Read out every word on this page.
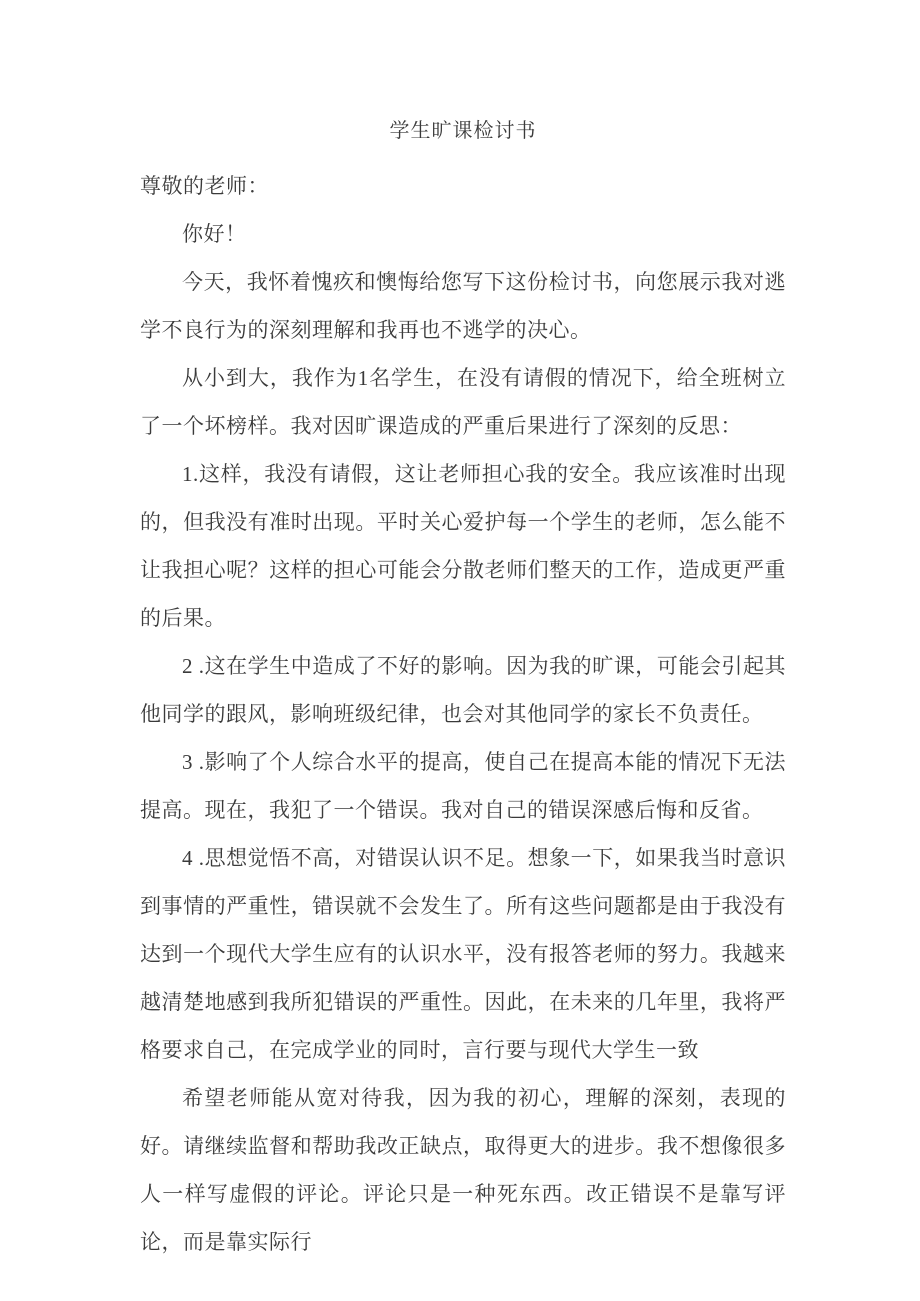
学生旷课检讨书

尊敬的老师：

你好！

今天，我怀着愧疚和懊悔给您写下这份检讨书，向您展示我对逃学不良行为的深刻理解和我再也不逃学的决心。

从小到大，我作为1名学生，在没有请假的情况下，给全班树立了一个坏榜样。我对因旷课造成的严重后果进行了深刻的反思：

1.这样，我没有请假，这让老师担心我的安全。我应该准时出现的，但我没有准时出现。平时关心爱护每一个学生的老师，怎么能不让我担心呢？这样的担心可能会分散老师们整天的工作，造成更严重的后果。

2 .这在学生中造成了不好的影响。因为我的旷课，可能会引起其他同学的跟风，影响班级纪律，也会对其他同学的家长不负责任。

3 .影响了个人综合水平的提高，使自己在提高本能的情况下无法提高。现在，我犯了一个错误。我对自己的错误深感后悔和反省。

4 .思想觉悟不高，对错误认识不足。想象一下，如果我当时意识到事情的严重性，错误就不会发生了。所有这些问题都是由于我没有达到一个现代大学生应有的认识水平，没有报答老师的努力。我越来越清楚地感到我所犯错误的严重性。因此，在未来的几年里，我将严格要求自己，在完成学业的同时，言行要与现代大学生一致

希望老师能从宽对待我，因为我的初心，理解的深刻，表现的好。请继续监督和帮助我改正缺点，取得更大的进步。我不想像很多人一样写虚假的评论。评论只是一种死东西。改正错误不是靠写评论，而是靠实际行
